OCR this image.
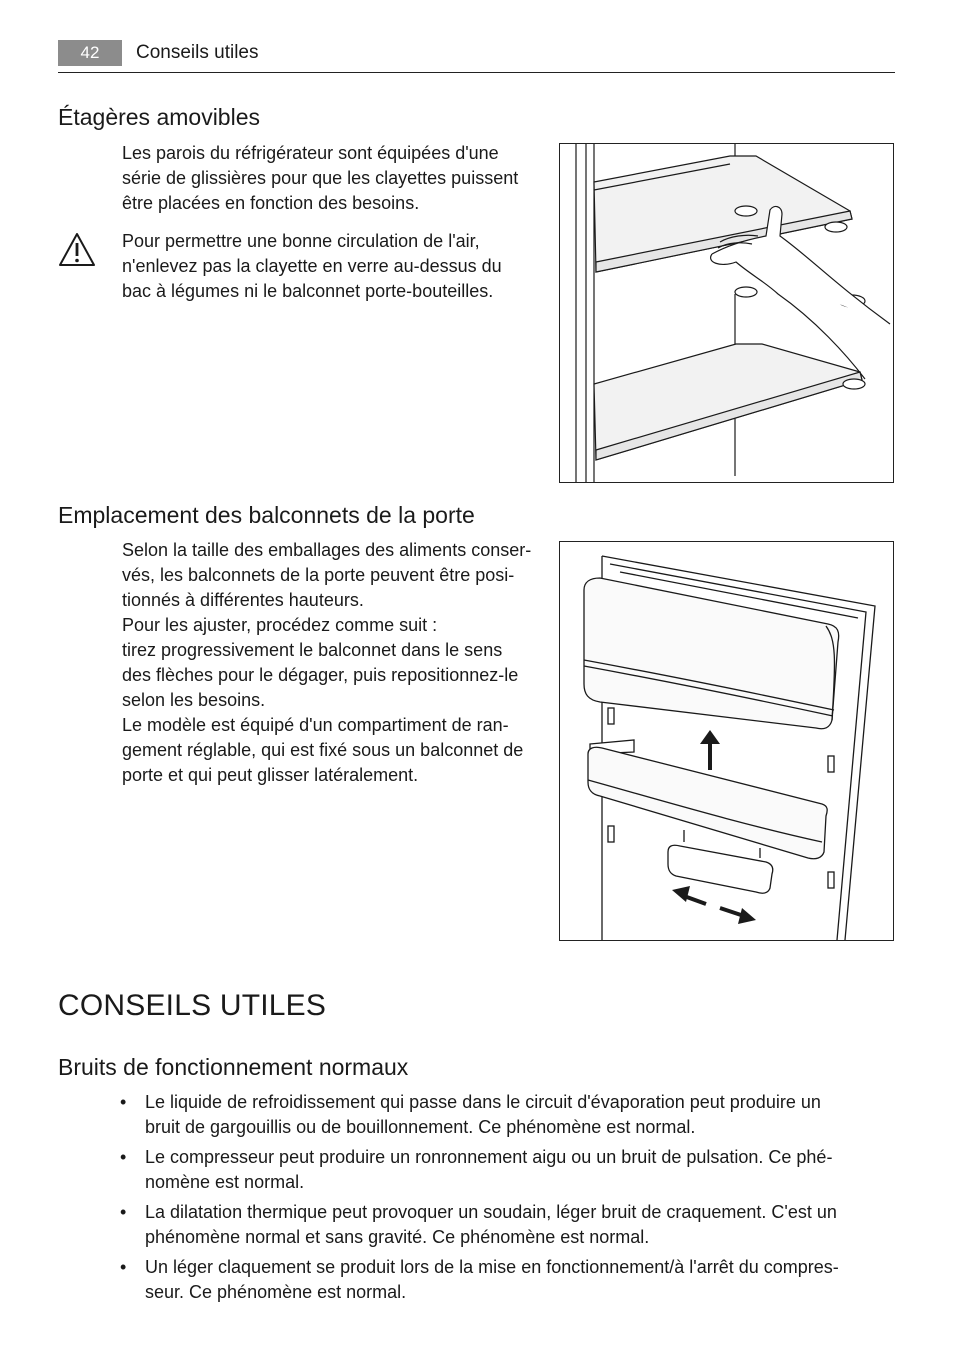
42	Conseils utiles
Étagères amovibles

Les parois du réfrigérateur sont équipées d'une
série de glissières pour que les clayettes puissent
être placées en fonction des besoins.

Pour permettre une bonne circulation de l'air,
n'enlevez pas la clayette en verre au-dessus du
bac à légumes ni le balconnet porte-bouteilles.

Emplacement des balconnets de la porte

Selon la taille des emballages des aliments conser-
vés, les balconnets de la porte peuvent être posi-
tionnés à différentes hauteurs.
Pour les ajuster, procédez comme suit :
tirez progressivement le balconnet dans le sens
des flèches pour le dégager, puis repositionnez-le
selon les besoins.
Le modèle est équipé d'un compartiment de ran-
gement réglable, qui est fixé sous un balconnet de
porte et qui peut glisser latéralement.

CONSEILS UTILES
Bruits de fonctionnement normaux
• Le liquide de refroidissement qui passe dans le circuit d'évaporation peut produire un
bruit de gargouillis ou de bouillonnement. Ce phénomène est normal.
• Le compresseur peut produire un ronronnement aigu ou un bruit de pulsation. Ce phé-
nomène est normal.
• La dilatation thermique peut provoquer un soudain, léger bruit de craquement. C'est un
phénomène normal et sans gravité. Ce phénomène est normal.
• Un léger claquement se produit lors de la mise en fonctionnement/à l'arrêt du compres-
seur. Ce phénomène est normal.
